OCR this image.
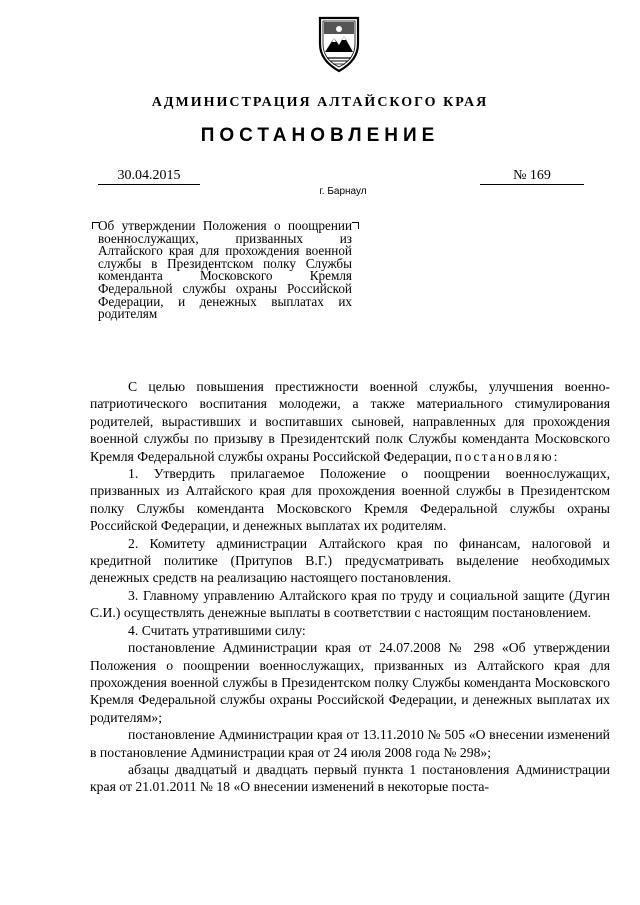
АДМИНИСТРАЦИЯ АЛТАЙСКОГО КРАЯ
ПОСТАНОВЛЕНИЕ
30.04.2015	№ 169
г. Барнаул
Об утверждении Положения о поощрении военнослужащих, призванных из Алтайского края для прохождения военной службы в Президентском полку Службы коменданта Московского Кремля Федеральной службы охраны Российской Федерации, и денежных выплатах их родителям

С целью повышения престижности военной службы, улучшения военно-патриотического воспитания молодежи, а также материального стимулирования родителей, вырастивших и воспитавших сыновей, направленных для прохождения военной службы по призыву в Президентский полк Службы коменданта Московского Кремля Федеральной службы охраны Российской Федерации, постановляю:

1. Утвердить прилагаемое Положение о поощрении военнослужащих, призванных из Алтайского края для прохождения военной службы в Президентском полку Службы коменданта Московского Кремля Федеральной службы охраны Российской Федерации, и денежных выплатах их родителям.

2. Комитету администрации Алтайского края по финансам, налоговой и кредитной политике (Притупов В.Г.) предусматривать выделение необходимых денежных средств на реализацию настоящего постановления.

3. Главному управлению Алтайского края по труду и социальной защите (Дугин С.И.) осуществлять денежные выплаты в соответствии с настоящим постановлением.

4. Считать утратившими силу:

постановление Администрации края от 24.07.2008 № 298 «Об утверждении Положения о поощрении военнослужащих, призванных из Алтайского края для прохождения военной службы в Президентском полку Службы коменданта Московского Кремля Федеральной службы охраны Российской Федерации, и денежных выплатах их родителям»;

постановление Администрации края от 13.11.2010 № 505 «О внесении изменений в постановление Администрации края от 24 июля 2008 года № 298»;

абзацы двадцатый и двадцать первый пункта 1 постановления Администрации края от 21.01.2011 № 18 «О внесении изменений в некоторые поста-
